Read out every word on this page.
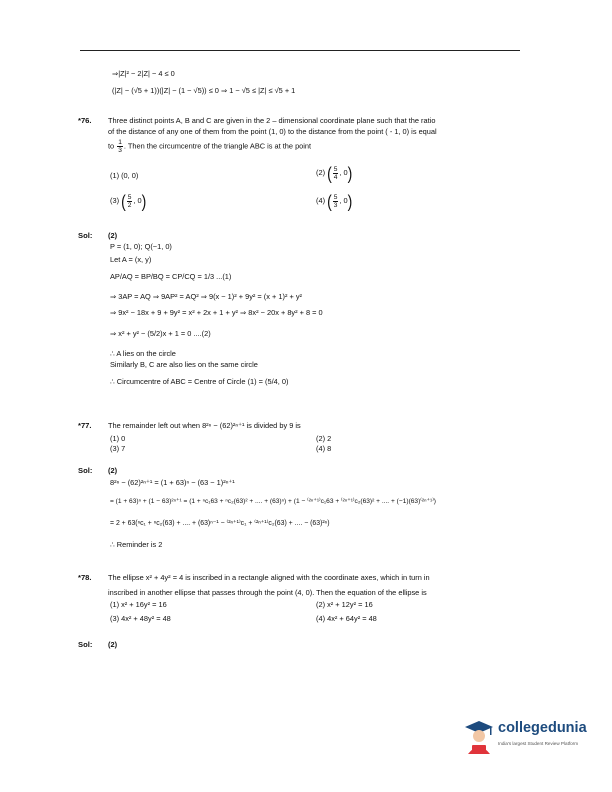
⇒|Z|² − 2|Z| − 4 ≤ 0
(|Z| − (√5 + 1))(|Z| − (1 − √5)) ≤ 0 ⇒ 1 − √5 ≤ |Z| ≤ √5 + 1
*76. Three distinct points A, B and C are given in the 2 – dimensional coordinate plane such that the ratio
of the distance of any one of them from the point (1, 0) to the distance from the point ( - 1, 0) is equal
to $\frac{1}{3}$ . Then the circumcentre of the triangle ABC is at the point
(1) (0, 0)	(2) ( $\frac{5}{4}$ , 0)
(3) ( $\frac{5}{2}$ , 0)	(4) ( $\frac{5}{3}$ , 0)
Sol: (2)
P = (1, 0); Q(−1, 0)
Let A = (x, y)
AP/AQ = BP/BQ = CP/CQ = 1/3 ...(1)
⇒ 3AP = AQ ⇒ 9AP² = AQ² ⇒ 9(x − 1)² + 9y² = (x + 1)² + y²
⇒ 9x² − 18x + 9 + 9y² = x² + 2x + 1 + y² ⇒ 8x² − 20x + 8y² + 8 = 0
⇒ x² + y² − (5/2)x + 1 = 0 ....(2)
∴ A lies on the circle
Similarly B, C are also lies on the same circle
∴ Circumcentre of ABC = Centre of Circle (1) = (5/4, 0)
*77. The remainder left out when 8²ⁿ − (62)²ⁿ⁺¹ is divided by 9 is
(1) 0	(2) 2
(3) 7	(4) 8
Sol: (2)
8²ⁿ − (62)²ⁿ⁺¹ = (1 + 63)ⁿ − (63 − 1)²ⁿ⁺¹
= (1 + 63)ⁿ + (1 − 63)²ⁿ⁺¹ = (1 + ⁿc₁63 + ⁿc₂(63)² + .... + (63)ⁿ) + (1 − ⁽²ⁿ⁺¹⁾c₁63 + ⁽²ⁿ⁺¹⁾c₂(63)² + .... + (−1)(63)⁽²ⁿ⁺¹⁾)
= 2 + 63(ⁿc₁ + ⁿc₂(63) + .... + (63)ⁿ⁻¹ − ⁽²ⁿ⁺¹⁾c₁ + ⁽²ⁿ⁺¹⁾c₂(63) + .... − (63)²ⁿ)
∴ Reminder is 2
*78. The ellipse x² + 4y² = 4 is inscribed in a rectangle aligned with the coordinate axes, which in turn in
inscribed in another ellipse that passes through the point (4, 0). Then the equation of the ellipse is
(1) x² + 16y² = 16	(2) x² + 12y² = 16
(3) 4x² + 48y² = 48	(4) 4x² + 64y² = 48
Sol: (2)
collegedunia
India's largest Student Review Platform
